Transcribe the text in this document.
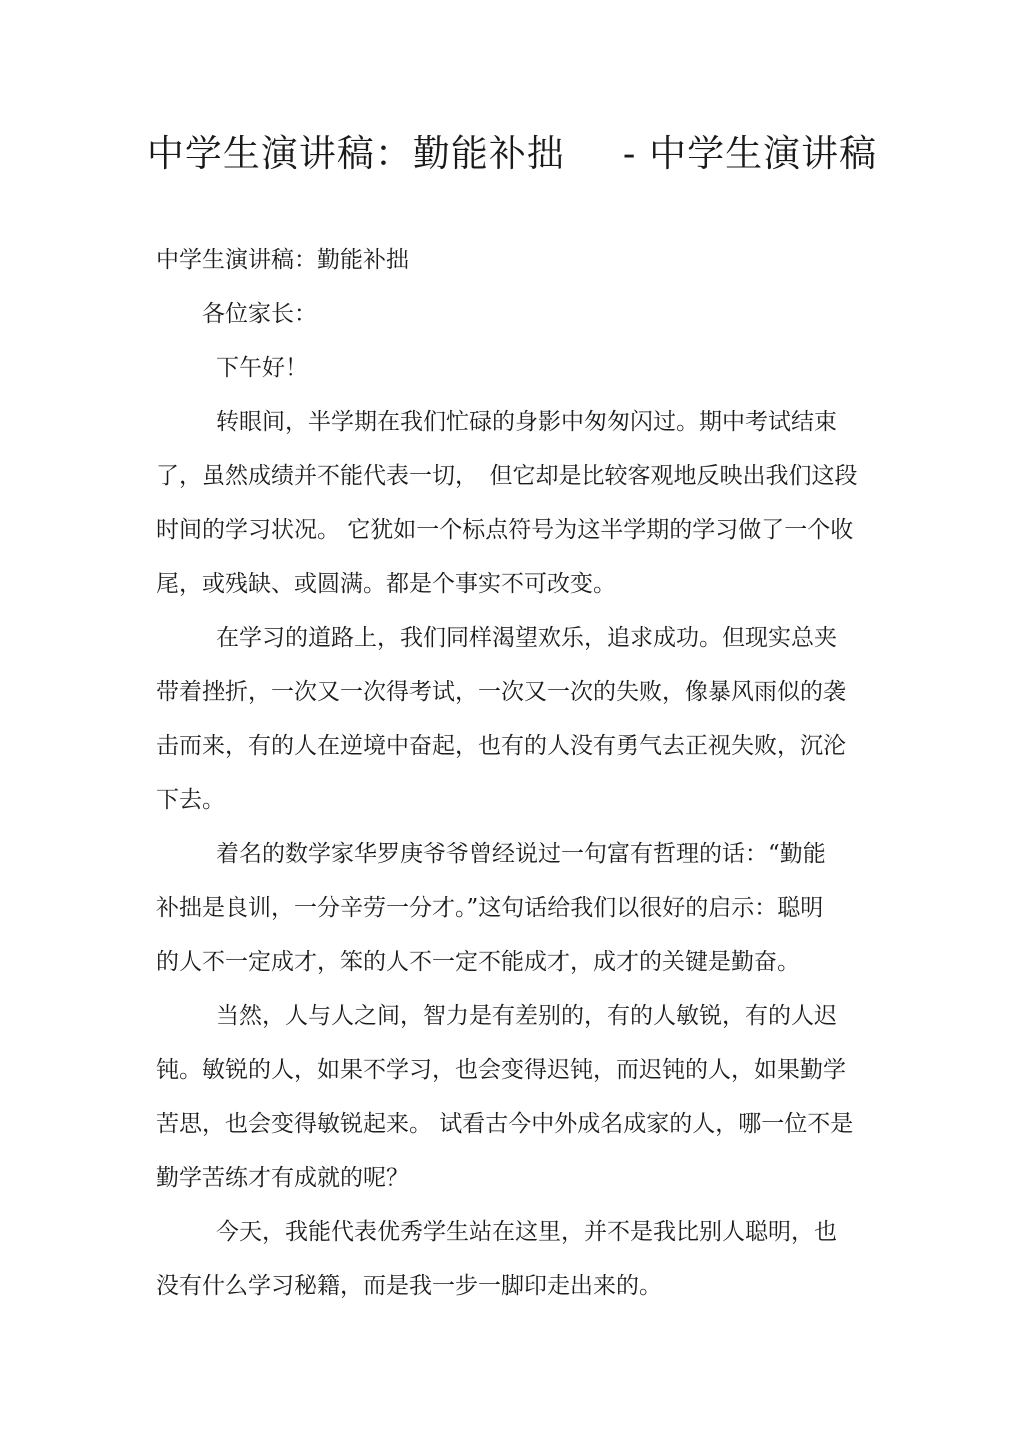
中学生演讲稿：勤能补拙 - 中学生演讲稿
中学生演讲稿：勤能补拙
各位家长：
下午好！
转眼间，半学期在我们忙碌的身影中匆匆闪过。期中考试结束
了，虽然成绩并不能代表一切，　但它却是比较客观地反映出我们这段
时间的学习状况。 它犹如一个标点符号为这半学期的学习做了一个收
尾，或残缺、或圆满。都是个事实不可改变。
在学习的道路上，我们同样渴望欢乐，追求成功。但现实总夹
带着挫折，一次又一次得考试，一次又一次的失败，像暴风雨似的袭
击而来，有的人在逆境中奋起，也有的人没有勇气去正视失败，沉沦
下去。
着名的数学家华罗庚爷爷曾经说过一句富有哲理的话：“勤能
补拙是良训，一分辛劳一分才。”这句话给我们以很好的启示：聪明
的人不一定成才，笨的人不一定不能成才，成才的关键是勤奋。
当然，人与人之间，智力是有差别的，有的人敏锐，有的人迟
钝。敏锐的人，如果不学习，也会变得迟钝，而迟钝的人，如果勤学
苦思，也会变得敏锐起来。 试看古今中外成名成家的人，哪一位不是
勤学苦练才有成就的呢？
今天，我能代表优秀学生站在这里，并不是我比别人聪明，也
没有什么学习秘籍，而是我一步一脚印走出来的。
